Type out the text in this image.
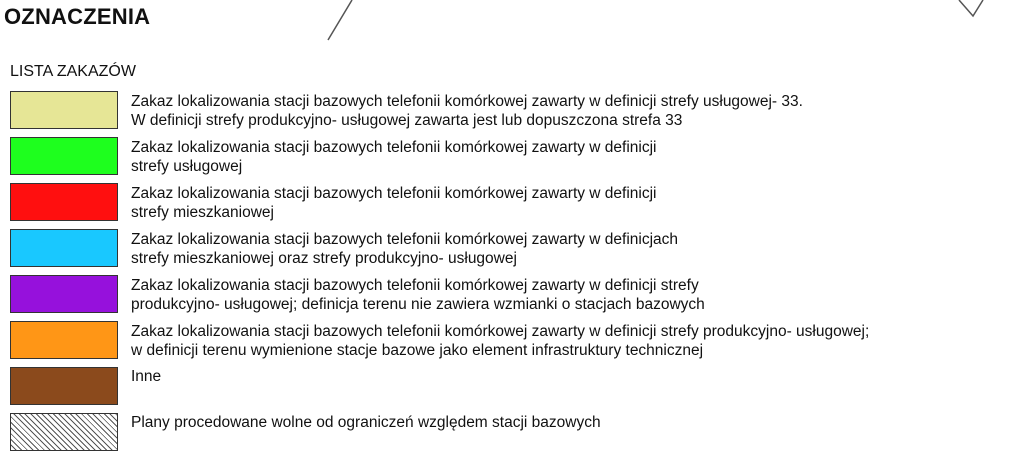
OZNACZENIA
LISTA ZAKAZÓW
Zakaz lokalizowania stacji bazowych telefonii komórkowej zawarty w definicji strefy usługowej- 33.
W definicji strefy produkcyjno- usługowej zawarta jest lub dopuszczona strefa 33
Zakaz lokalizowania stacji bazowych telefonii komórkowej zawarty w definicji
strefy usługowej
Zakaz lokalizowania stacji bazowych telefonii komórkowej zawarty w definicji
strefy mieszkaniowej
Zakaz lokalizowania stacji bazowych telefonii komórkowej zawarty w definicjach
strefy mieszkaniowej oraz strefy produkcyjno- usługowej
Zakaz lokalizowania stacji bazowych telefonii komórkowej zawarty w definicji strefy
produkcyjno- usługowej; definicja terenu nie zawiera wzmianki o stacjach bazowych
Zakaz lokalizowania stacji bazowych telefonii komórkowej zawarty w definicji strefy produkcyjno- usługowej;
w definicji terenu wymienione stacje bazowe jako element infrastruktury technicznej
Inne
Plany procedowane wolne od ograniczeń względem stacji bazowych
